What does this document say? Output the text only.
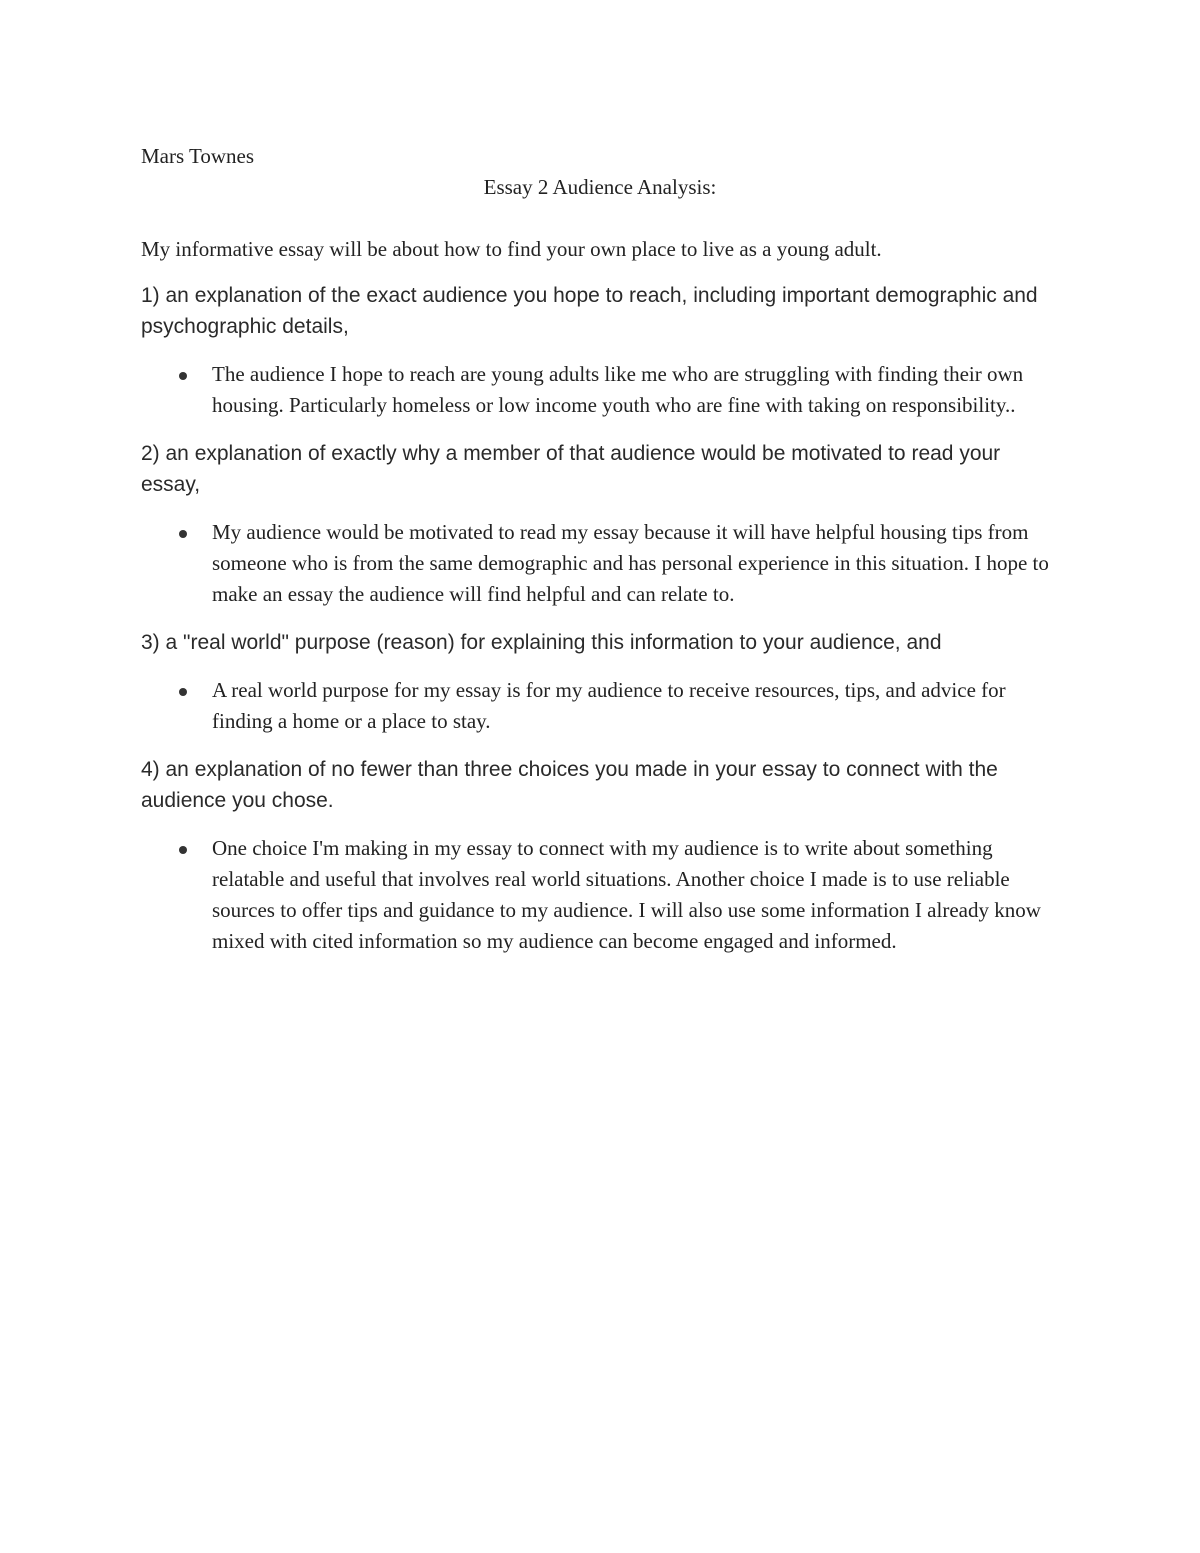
Mars Townes
Essay 2 Audience Analysis:

My informative essay will be about how to find your own place to live as a young adult.

1) an explanation of the exact audience you hope to reach, including important demographic and psychographic details,

The audience I hope to reach are young adults like me who are struggling with finding their own housing. Particularly homeless or low income youth who are fine with taking on responsibility..

2) an explanation of exactly why a member of that audience would be motivated to read your essay,

My audience would be motivated to read my essay because it will have helpful housing tips from someone who is from the same demographic and has personal experience in this situation. I hope to make an essay the audience will find helpful and can relate to.

3) a "real world" purpose (reason) for explaining this information to your audience, and

A real world purpose for my essay is for my audience to receive resources, tips, and advice for finding a home or a place to stay.

4) an explanation of no fewer than three choices you made in your essay to connect with the audience you chose.

One choice I'm making in my essay to connect with my audience is to write about something relatable and useful that involves real world situations. Another choice I made is to use reliable sources to offer tips and guidance to my audience. I will also use some information I already know mixed with cited information so my audience can become engaged and informed.
